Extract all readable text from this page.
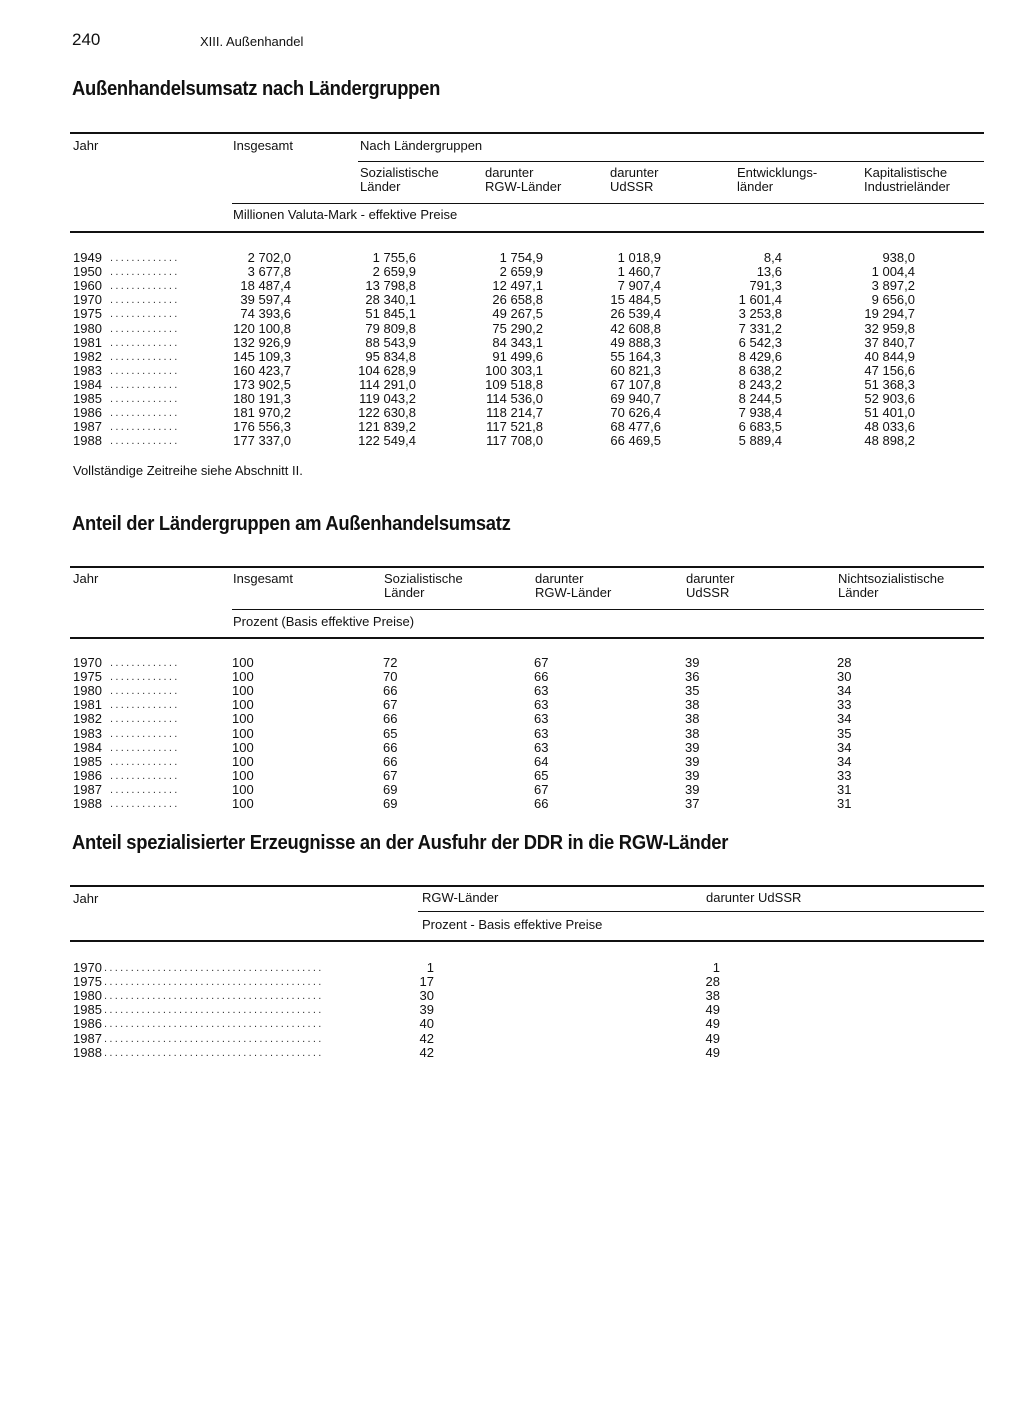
240	XIII. Außenhandel
Außenhandelsumsatz nach Ländergruppen
Jahr	Insgesamt	Nach Ländergruppen
Sozialistische
Länder
darunter
RGW-Länder
darunter
UdSSR
Entwicklungs-
länder
Kapitalistische
Industrieländer
Millionen Valuta-Mark - effektive Preise
1949 .............	2 702,0	1 755,6	1 754,9	1 018,9	8,4	938,0
1950 .............	3 677,8	2 659,9	2 659,9	1 460,7	13,6	1 004,4
1960 .............	18 487,4	13 798,8	12 497,1	7 907,4	791,3	3 897,2
1970 .............	39 597,4	28 340,1	26 658,8	15 484,5	1 601,4	9 656,0
1975 .............	74 393,6	51 845,1	49 267,5	26 539,4	3 253,8	19 294,7
1980 .............	120 100,8	79 809,8	75 290,2	42 608,8	7 331,2	32 959,8
1981 .............	132 926,9	88 543,9	84 343,1	49 888,3	6 542,3	37 840,7
1982 .............	145 109,3	95 834,8	91 499,6	55 164,3	8 429,6	40 844,9
1983 .............	160 423,7	104 628,9	100 303,1	60 821,3	8 638,2	47 156,6
1984 .............	173 902,5	114 291,0	109 518,8	67 107,8	8 243,2	51 368,3
1985 .............	180 191,3	119 043,2	114 536,0	69 940,7	8 244,5	52 903,6
1986 .............	181 970,2	122 630,8	118 214,7	70 626,4	7 938,4	51 401,0
1987 .............	176 556,3	121 839,2	117 521,8	68 477,6	6 683,5	48 033,6
1988 .............	177 337,0	122 549,4	117 708,0	66 469,5	5 889,4	48 898,2
Vollständige Zeitreihe siehe Abschnitt II.
Anteil der Ländergruppen am Außenhandelsumsatz
Jahr	Insgesamt	Sozialistische
Länder
darunter
RGW-Länder
darunter
UdSSR
Nichtsozialistische
Länder
Prozent (Basis effektive Preise)
1970 .............	100	72	67	39	28
1975 .............	100	70	66	36	30
1980 .............	100	66	63	35	34
1981 .............	100	67	63	38	33
1982 .............	100	66	63	38	34
1983 .............	100	65	63	38	35
1984 .............	100	66	63	39	34
1985 .............	100	66	64	39	34
1986 .............	100	67	65	39	33
1987 .............	100	69	67	39	31
1988 .............	100	69	66	37	31
Anteil spezialisierter Erzeugnisse an der Ausfuhr der DDR in die RGW-Länder
Jahr	RGW-Länder	darunter UdSSR
Prozent - Basis effektive Preise
1970 .........................................	1	1
1975 .........................................	17	28
1980 .........................................	30	38
1985 .........................................	39	49
1986 .........................................	40	49
1987 .........................................	42	49
1988 .........................................	42	49
